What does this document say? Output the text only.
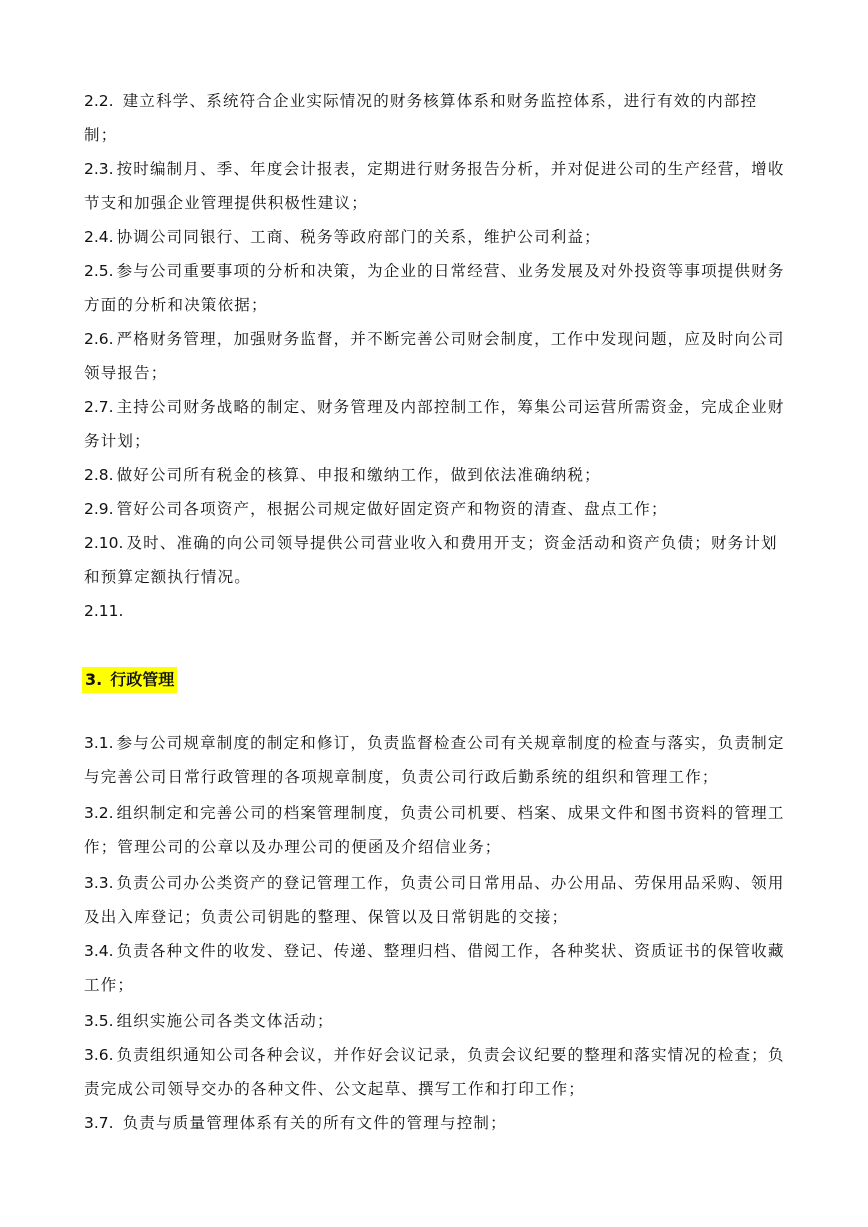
2.2. 建立科学、系统符合企业实际情况的财务核算体系和财务监控体系，进行有效的内部控制；

2.3. 按时编制月、季、年度会计报表，定期进行财务报告分析，并对促进公司的生产经营，增收节支和加强企业管理提供积极性建议；

2.4. 协调公司同银行、工商、税务等政府部门的关系，维护公司利益；

2.5. 参与公司重要事项的分析和决策，为企业的日常经营、业务发展及对外投资等事项提供财务方面的分析和决策依据；

2.6. 严格财务管理，加强财务监督，并不断完善公司财会制度，工作中发现问题，应及时向公司领导报告；

2.7. 主持公司财务战略的制定、财务管理及内部控制工作，筹集公司运营所需资金，完成企业财务计划；

2.8. 做好公司所有税金的核算、申报和缴纳工作，做到依法准确纳税；

2.9. 管好公司各项资产，根据公司规定做好固定资产和物资的清查、盘点工作；

2.10. 及时、准确的向公司领导提供公司营业收入和费用开支；资金活动和资产负债；财务计划和预算定额执行情况。

2.11.

3. 行政管理

3.1. 参与公司规章制度的制定和修订，负责监督检查公司有关规章制度的检查与落实，负责制定与完善公司日常行政管理的各项规章制度，负责公司行政后勤系统的组织和管理工作；

3.2. 组织制定和完善公司的档案管理制度，负责公司机要、档案、成果文件和图书资料的管理工作；管理公司的公章以及办理公司的便函及介绍信业务；

3.3. 负责公司办公类资产的登记管理工作，负责公司日常用品、办公用品、劳保用品采购、领用及出入库登记；负责公司钥匙的整理、保管以及日常钥匙的交接；

3.4. 负责各种文件的收发、登记、传递、整理归档、借阅工作，各种奖状、资质证书的保管收藏工作；

3.5. 组织实施公司各类文体活动；

3.6. 负责组织通知公司各种会议，并作好会议记录，负责会议纪要的整理和落实情况的检查；负责完成公司领导交办的各种文件、公文起草、撰写工作和打印工作；

3.7. 负责与质量管理体系有关的所有文件的管理与控制；
